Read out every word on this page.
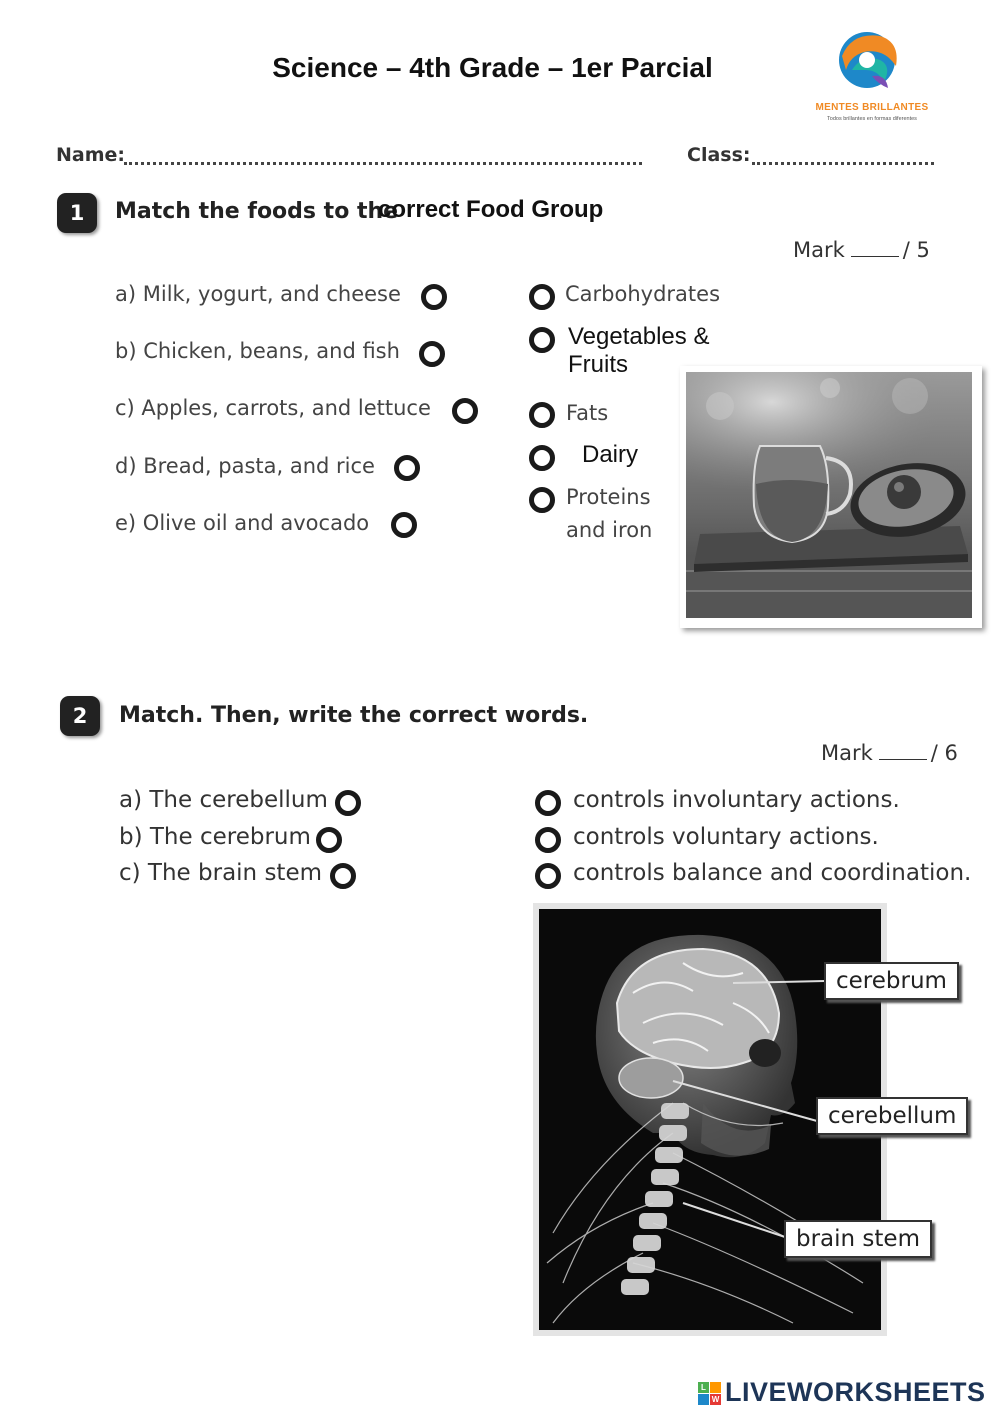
Science – 4th Grade – 1er Parcial
MENTES BRILLANTES
Todos brillantes en formas diferentes
Name:	Class:
1	Match the foods to the
correct Food Group
Mark	/ 5
a) Milk, yogurt, and cheese
b) Chicken, beans, and fish
c) Apples, carrots, and lettuce
d) Bread, pasta, and rice
e) Olive oil and avocado
Carbohydrates
Vegetables &
Fruits
Fats
Dairy
Proteins
and iron
2	Match. Then, write the correct words.
Mark	/ 6
a) The cerebellum
b) The cerebrum
c) The brain stem
controls involuntary actions.
controls voluntary actions.
controls balance and coordination.
cerebrum
cerebellum
brain stem
L
W LIVEWORKSHEETS
